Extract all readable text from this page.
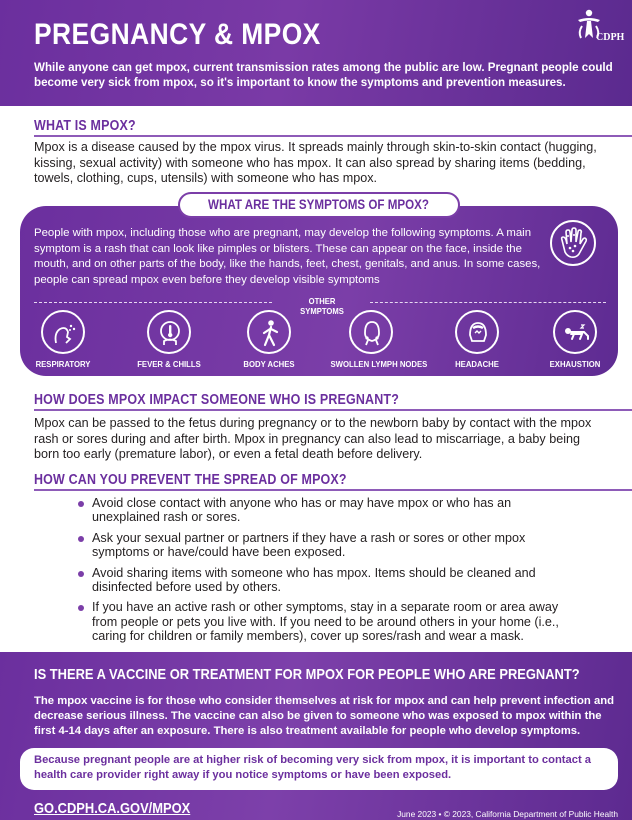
PREGNANCY & MPOX	CDPH
While anyone can get mpox, current transmission rates among the public are low. Pregnant people could become very sick from mpox, so it's important to know the symptoms and prevention measures.
WHAT IS MPOX?
Mpox is a disease caused by the mpox virus. It spreads mainly through skin-to-skin contact (hugging, kissing, sexual activity) with someone who has mpox. It can also spread by sharing items (bedding, towels, clothing, cups, utensils) with someone who has mpox.
People with mpox, including those who are pregnant, may develop the following symptoms. A main symptom is a rash that can look like pimples or blisters. These can appear on the face, inside the mouth, and on other parts of the body, like the hands, feet, chest, genitals, and anus. In some cases, people can spread mpox even before they develop visible symptoms
OTHER SYMPTOMS
RESPIRATORY	FEVER & CHILLS	BODY ACHES	SWOLLEN LYMPH NODES	HEADACHE	EXHAUSTION
WHAT ARE THE SYMPTOMS OF MPOX?
HOW DOES MPOX IMPACT SOMEONE WHO IS PREGNANT?
Mpox can be passed to the fetus during pregnancy or to the newborn baby by contact with the mpox rash or sores during and after birth. Mpox in pregnancy can also lead to miscarriage, a baby being born too early (premature labor), or even a fetal death before delivery.
HOW CAN YOU PREVENT THE SPREAD OF MPOX?
Avoid close contact with anyone who has or may have mpox or who has an unexplained rash or sores.
Ask your sexual partner or partners if they have a rash or sores or other mpox symptoms or have/could have been exposed.
Avoid sharing items with someone who has mpox. Items should be cleaned and disinfected before used by others.
If you have an active rash or other symptoms, stay in a separate room or area away from people or pets you live with. If you need to be around others in your home (i.e., caring for children or family members), cover up sores/rash and wear a mask.
IS THERE A VACCINE OR TREATMENT FOR MPOX FOR PEOPLE WHO ARE PREGNANT?
The mpox vaccine is for those who consider themselves at risk for mpox and can help prevent infection and decrease serious illness. The vaccine can also be given to someone who was exposed to mpox within the first 4-14 days after an exposure. There is also treatment available for people who develop symptoms.
Because pregnant people are at higher risk of becoming very sick from mpox, it is important to contact a health care provider right away if you notice symptoms or have been exposed.
GO.CDPH.CA.GOV/MPOX	June 2023 • © 2023, California Department of Public Health
